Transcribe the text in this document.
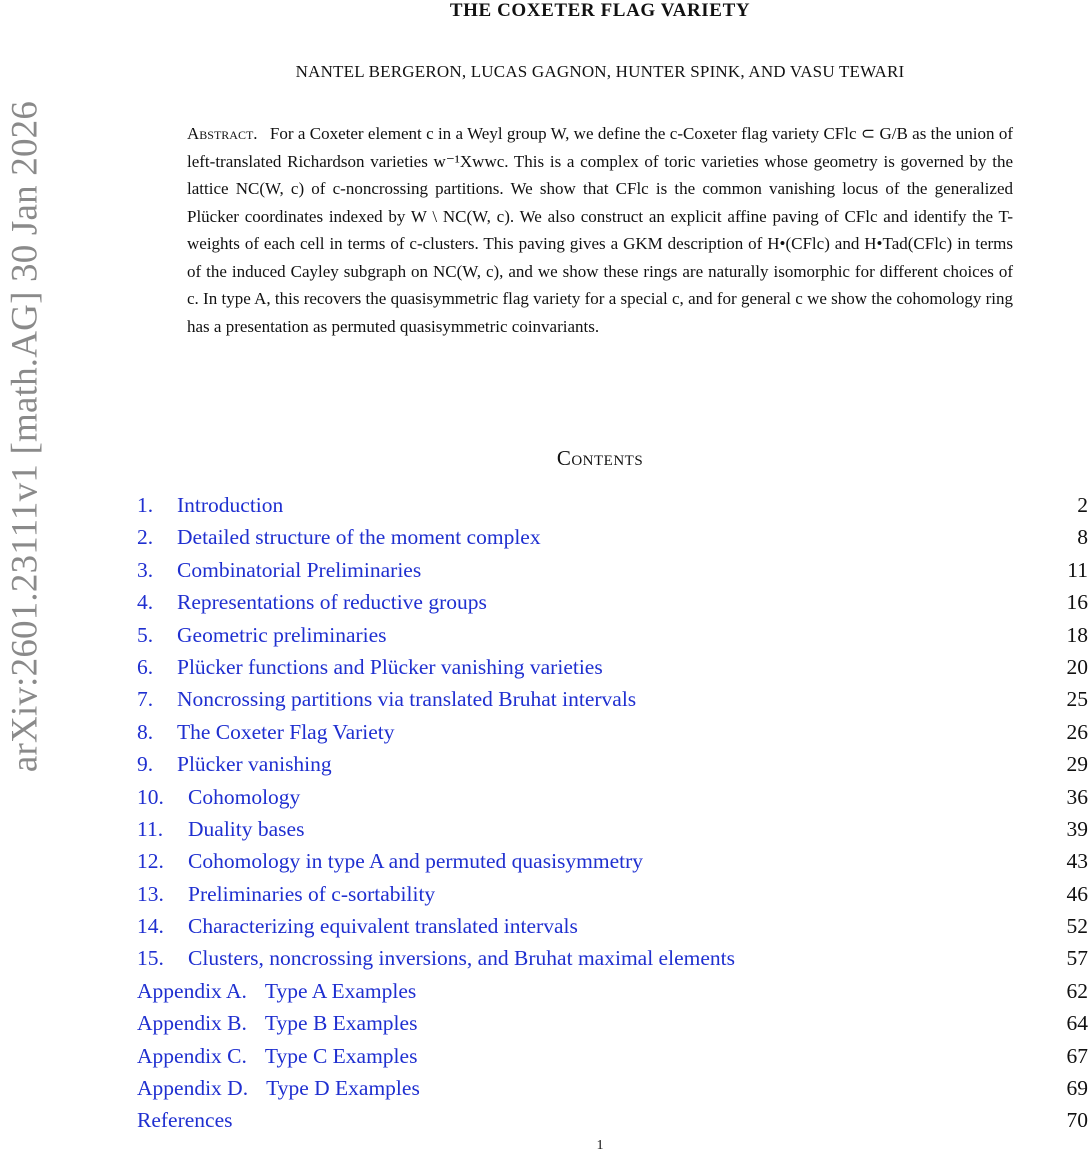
arXiv:2601.23111v1 [math.AG] 30 Jan 2026
THE COXETER FLAG VARIETY
NANTEL BERGERON, LUCAS GAGNON, HUNTER SPINK, AND VASU TEWARI
Abstract. For a Coxeter element c in a Weyl group W, we define the c-Coxeter flag variety CFlc ⊂ G/B as the union of left-translated Richardson varieties w⁻¹Xwwc. This is a complex of toric varieties whose geometry is governed by the lattice NC(W, c) of c-noncrossing partitions. We show that CFlc is the common vanishing locus of the generalized Plücker coordinates indexed by W \ NC(W, c). We also construct an explicit affine paving of CFlc and identify the T-weights of each cell in terms of c-clusters. This paving gives a GKM description of H•(CFlc) and H•Tad(CFlc) in terms of the induced Cayley subgraph on NC(W, c), and we show these rings are naturally isomorphic for different choices of c. In type A, this recovers the quasisymmetric flag variety for a special c, and for general c we show the cohomology ring has a presentation as permuted quasisymmetric coinvariants.
Contents
1. Introduction	2
2. Detailed structure of the moment complex	8
3. Combinatorial Preliminaries	11
4. Representations of reductive groups	16
5. Geometric preliminaries	18
6. Plücker functions and Plücker vanishing varieties	20
7. Noncrossing partitions via translated Bruhat intervals	25
8. The Coxeter Flag Variety	26
9. Plücker vanishing	29
10. Cohomology	36
11. Duality bases	39
12. Cohomology in type A and permuted quasisymmetry	43
13. Preliminaries of c-sortability	46
14. Characterizing equivalent translated intervals	52
15. Clusters, noncrossing inversions, and Bruhat maximal elements	57
Appendix A. Type A Examples	62
Appendix B. Type B Examples	64
Appendix C. Type C Examples	67
Appendix D. Type D Examples	69
References	70
1
